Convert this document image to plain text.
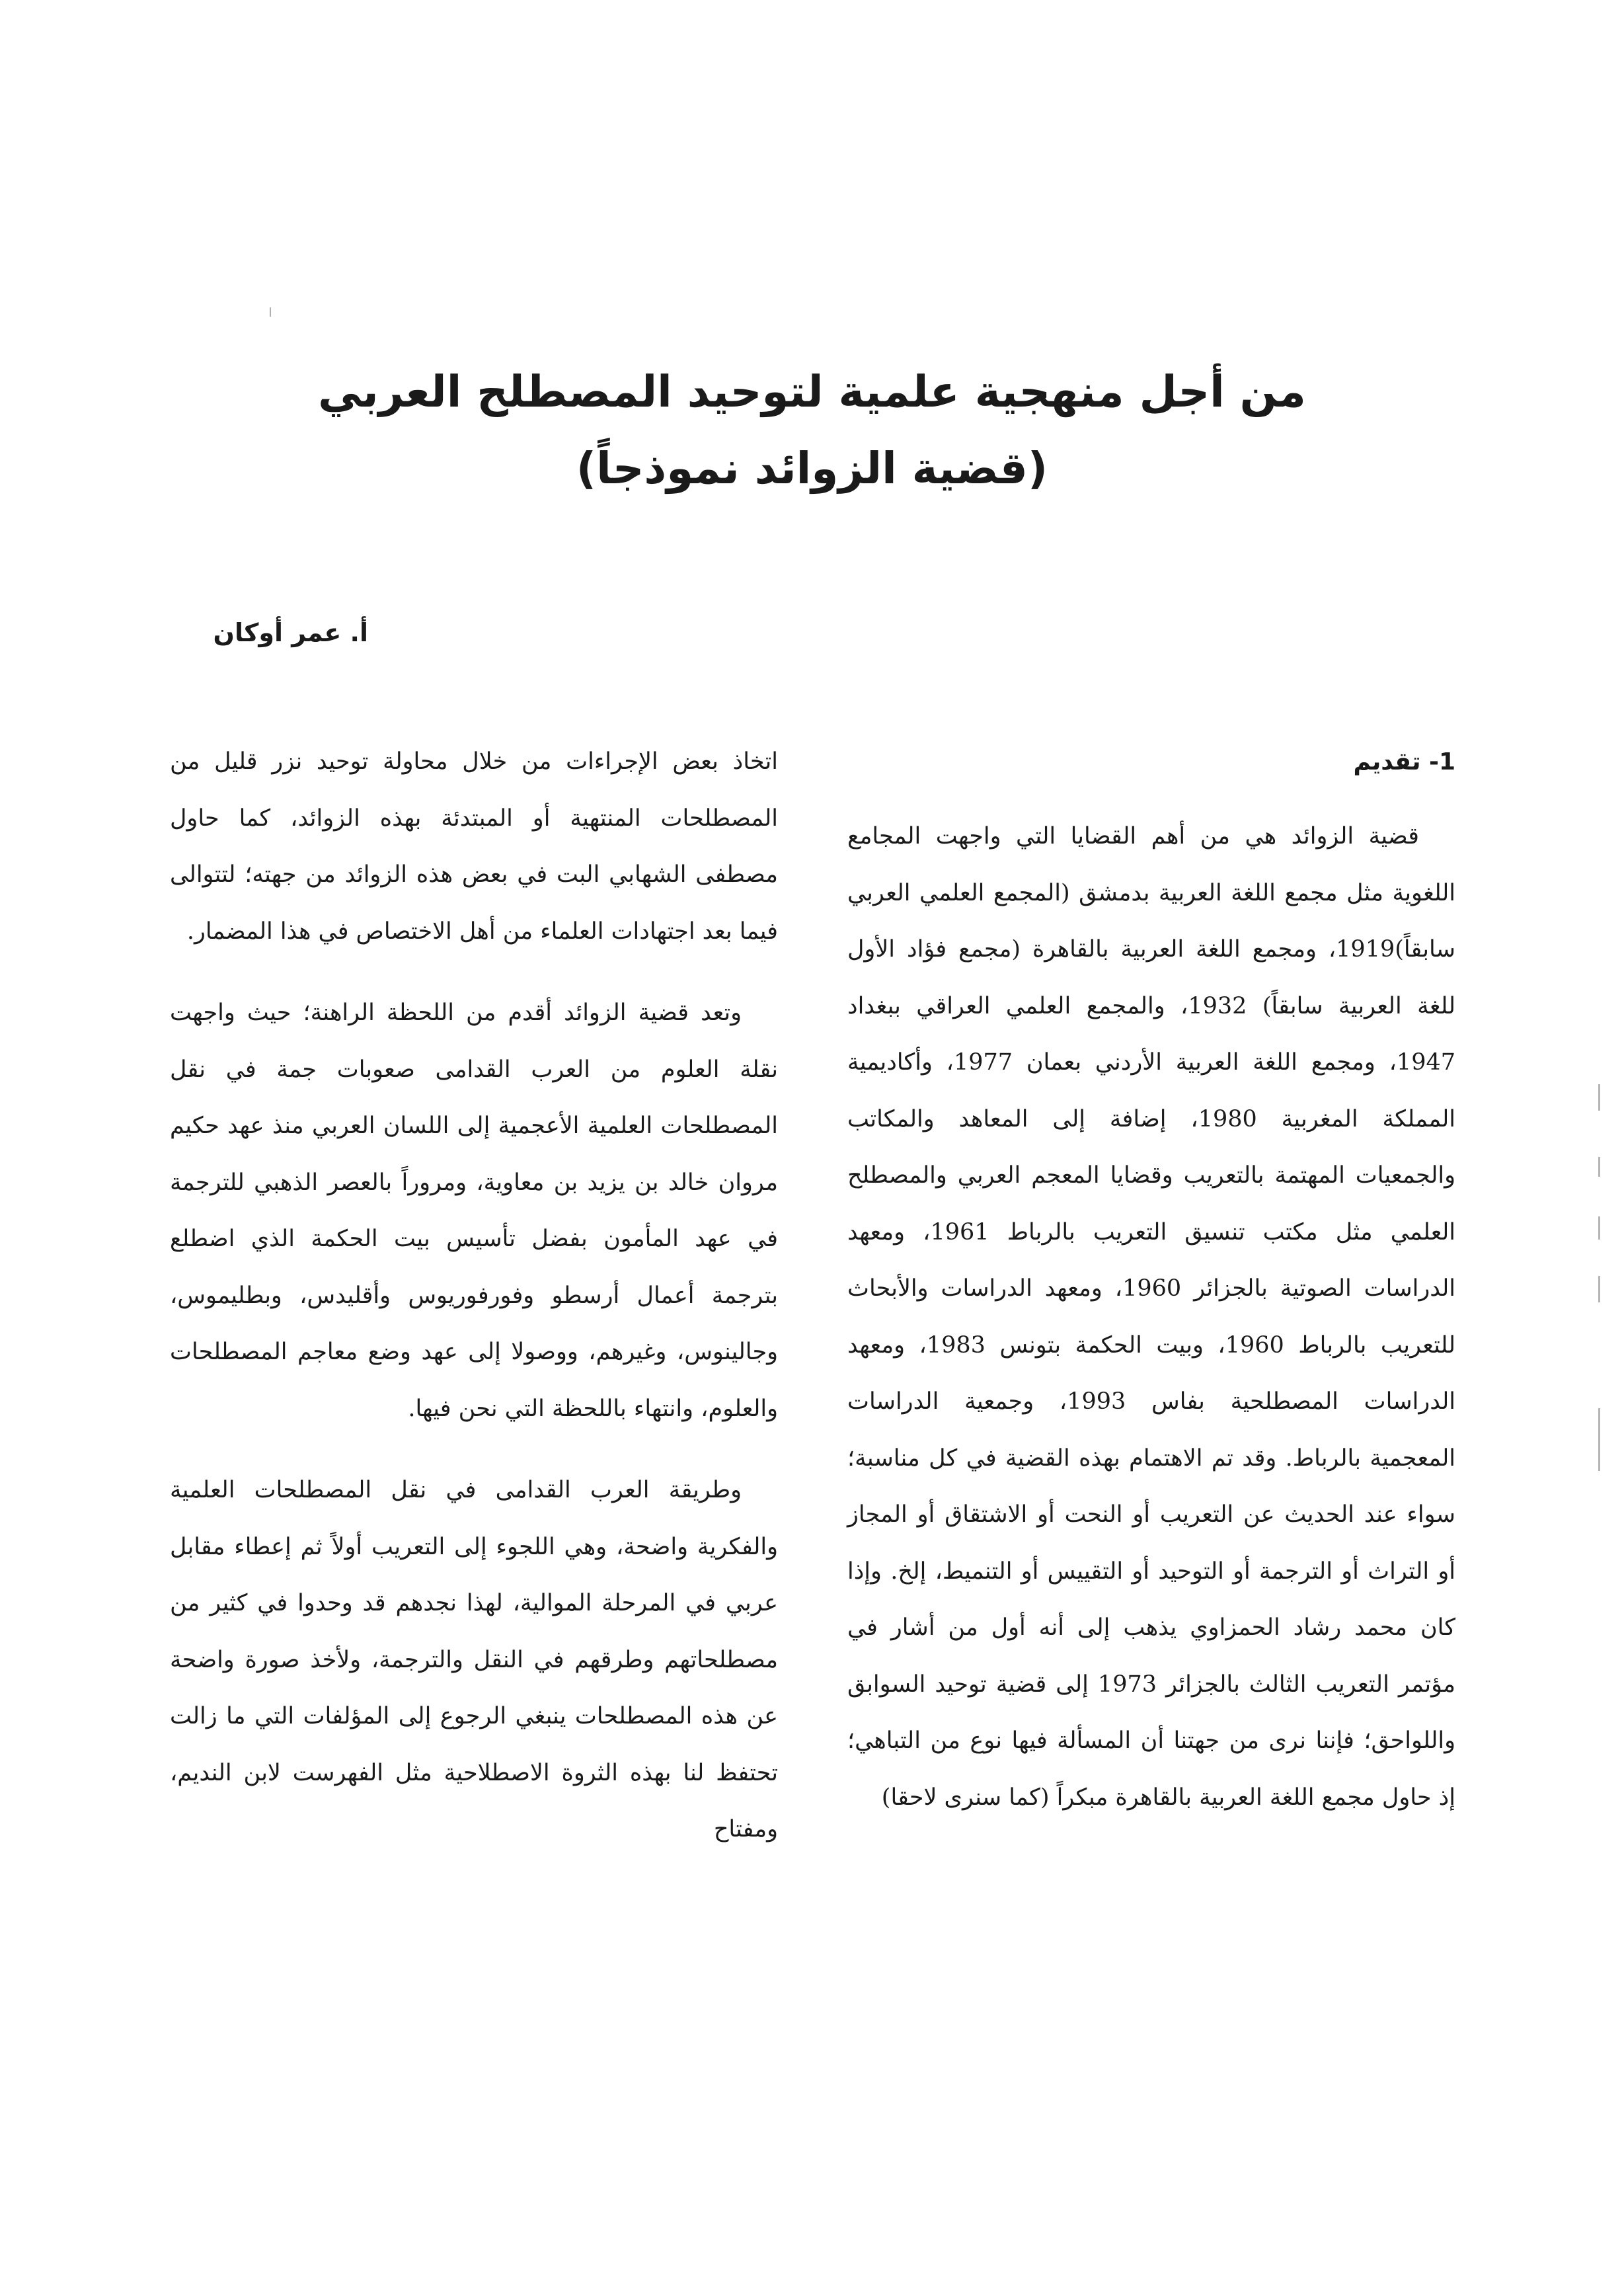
من أجل منهجية علمية لتوحيد المصطلح العربي
(قضية الزوائد نموذجاً)
أ. عمر أوكان
1- تقديم

قضية الزوائد هي من أهم القضايا التي واجهت المجامع اللغوية مثل مجمع اللغة العربية بدمشق (المجمع العلمي العربي سابقاً)1919، ومجمع اللغة العربية بالقاهرة (مجمع فؤاد الأول للغة العربية سابقاً) 1932، والمجمع العلمي العراقي ببغداد 1947، ومجمع اللغة العربية الأردني بعمان 1977، وأكاديمية المملكة المغربية 1980، إضافة إلى المعاهد والمكاتب والجمعيات المهتمة بالتعريب وقضايا المعجم العربي والمصطلح العلمي مثل مكتب تنسيق التعريب بالرباط 1961، ومعهد الدراسات الصوتية بالجزائر 1960، ومعهد الدراسات والأبحاث للتعريب بالرباط 1960، وبيت الحكمة بتونس 1983، ومعهد الدراسات المصطلحية بفاس 1993، وجمعية الدراسات المعجمية بالرباط. وقد تم الاهتمام بهذه القضية في كل مناسبة؛ سواء عند الحديث عن التعريب أو النحت أو الاشتقاق أو المجاز أو التراث أو الترجمة أو التوحيد أو التقييس أو التنميط، إلخ. وإذا كان محمد رشاد الحمزاوي يذهب إلى أنه أول من أشار في مؤتمر التعريب الثالث بالجزائر 1973 إلى قضية توحيد السوابق واللواحق؛ فإننا نرى من جهتنا أن المسألة فيها نوع من التباهي؛ إذ حاول مجمع اللغة العربية بالقاهرة مبكراً (كما سنرى لاحقا)

اتخاذ بعض الإجراءات من خلال محاولة توحيد نزر قليل من المصطلحات المنتهية أو المبتدئة بهذه الزوائد، كما حاول مصطفى الشهابي البت في بعض هذه الزوائد من جهته؛ لتتوالى فيما بعد اجتهادات العلماء من أهل الاختصاص في هذا المضمار.

وتعد قضية الزوائد أقدم من اللحظة الراهنة؛ حيث واجهت نقلة العلوم من العرب القدامى صعوبات جمة في نقل المصطلحات العلمية الأعجمية إلى اللسان العربي منذ عهد حكيم مروان خالد بن يزيد بن معاوية، ومروراً بالعصر الذهبي للترجمة في عهد المأمون بفضل تأسيس بيت الحكمة الذي اضطلع بترجمة أعمال أرسطو وفورفوريوس وأقليدس، وبطليموس، وجالينوس، وغيرهم، ووصولا إلى عهد وضع معاجم المصطلحات والعلوم، وانتهاء باللحظة التي نحن فيها.

وطريقة العرب القدامى في نقل المصطلحات العلمية والفكرية واضحة، وهي اللجوء إلى التعريب أولاً ثم إعطاء مقابل عربي في المرحلة الموالية، لهذا نجدهم قد وحدوا في كثير من مصطلحاتهم وطرقهم في النقل والترجمة، ولأخذ صورة واضحة عن هذه المصطلحات ينبغي الرجوع إلى المؤلفات التي ما زالت تحتفظ لنا بهذه الثروة الاصطلاحية مثل الفهرست لابن النديم، ومفتاح
